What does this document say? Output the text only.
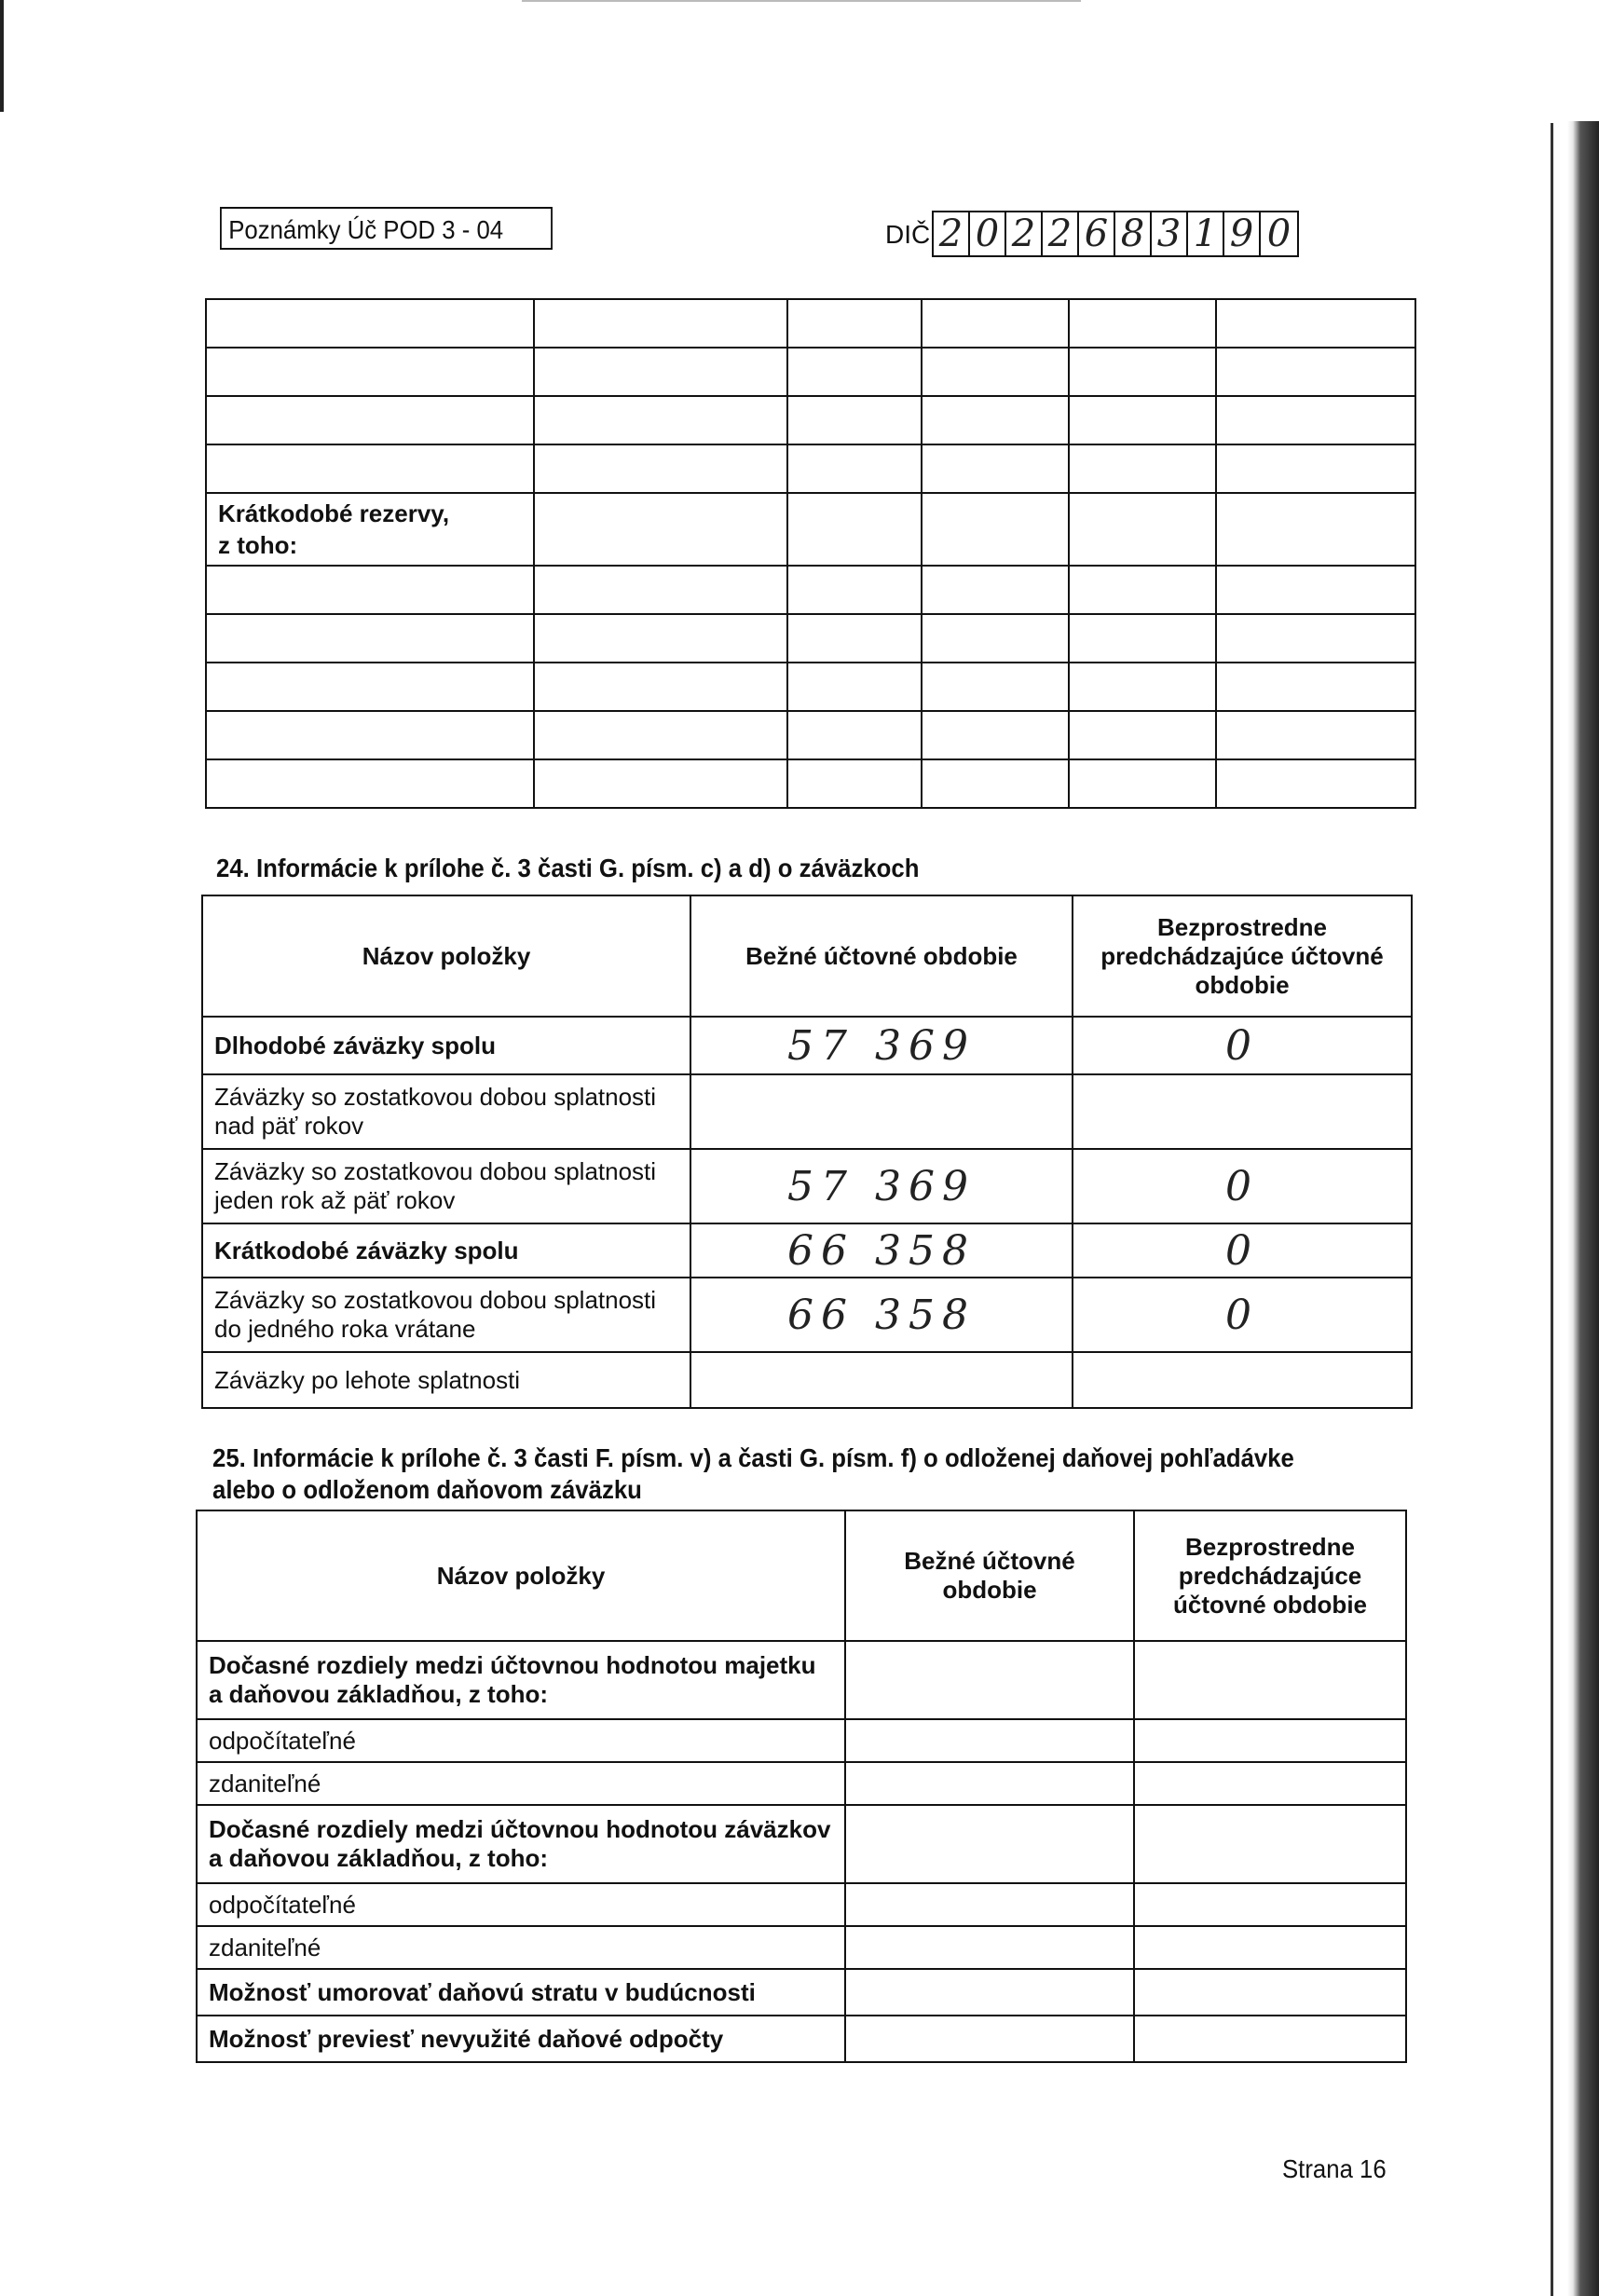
Poznámky Úč POD 3 - 04	DIČ 2 0 2 2 6 8 3 1 9 0

Krátkodobé rezervy,
z toho:					

24. Informácie k prílohe č. 3 časti G. písm. c) a d) o záväzkoch
Názov položky	Bežné účtovné obdobie	Bezprostredne predchádzajúce účtovné obdobie
Dlhodobé záväzky spolu	57 369	0
Záväzky so zostatkovou dobou splatnosti nad päť rokov		
Záväzky so zostatkovou dobou splatnosti jeden rok až päť rokov	57 369	0
Krátkodobé záväzky spolu	66 358	0
Záväzky so zostatkovou dobou splatnosti do jedného roka vrátane	66 358	0
Záväzky po lehote splatnosti		
25. Informácie k prílohe č. 3 časti F. písm. v) a časti G. písm. f) o odloženej daňovej pohľadávke alebo o odloženom daňovom záväzku
Názov položky	Bežné účtovné obdobie	Bezprostredne predchádzajúce účtovné obdobie
Dočasné rozdiely medzi účtovnou hodnotou majetku a daňovou základňou, z toho:		
odpočítateľné		
zdaniteľné		
Dočasné rozdiely medzi účtovnou hodnotou záväzkov a daňovou základňou, z toho:		
odpočítateľné		
zdaniteľné		
Možnosť umorovať daňovú stratu v budúcnosti		
Možnosť previesť nevyužité daňové odpočty		
Strana 16
